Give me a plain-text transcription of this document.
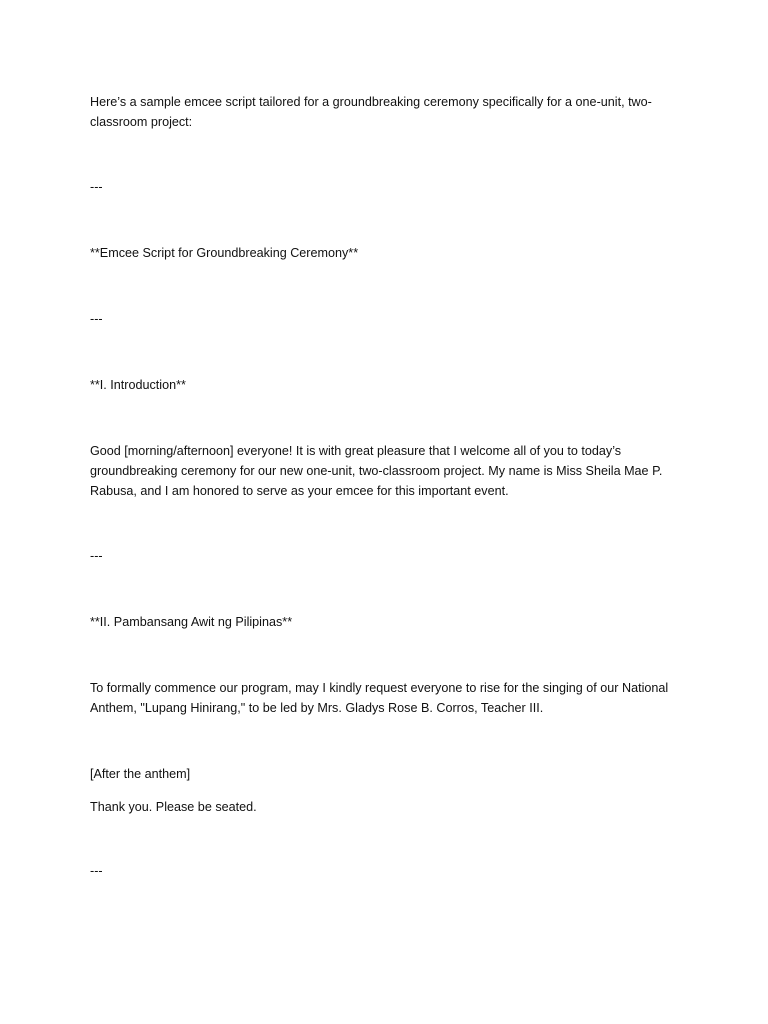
Here’s a sample emcee script tailored for a groundbreaking ceremony specifically for a one-unit, two-classroom project:

---

**Emcee Script for Groundbreaking Ceremony**

---

**I. Introduction**

Good [morning/afternoon] everyone! It is with great pleasure that I welcome all of you to today’s groundbreaking ceremony for our new one-unit, two-classroom project. My name is Miss Sheila Mae P. Rabusa, and I am honored to serve as your emcee for this important event.

---

**II. Pambansang Awit ng Pilipinas**

To formally commence our program, may I kindly request everyone to rise for the singing of our National Anthem, "Lupang Hinirang," to be led by Mrs. Gladys Rose B. Corros, Teacher III.

[After the anthem]

Thank you. Please be seated.

---
